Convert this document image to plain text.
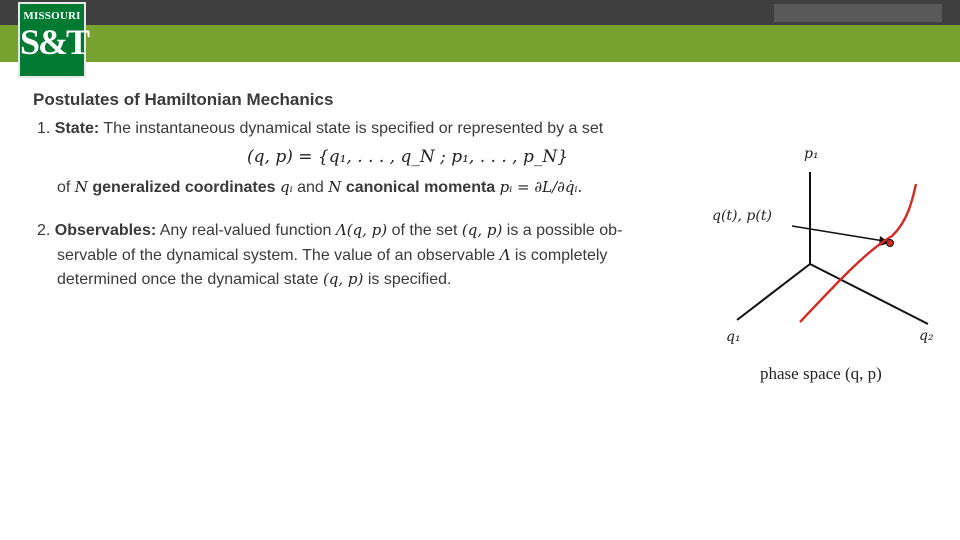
MISSOURI
S&T
Postulates of Hamiltonian Mechanics
1. State: The instantaneous dynamical state is specified or represented by a set
(q, p) = {q₁, . . . , q_N ; p₁, . . . , p_N}
of N generalized coordinates qᵢ and N canonical momenta pᵢ = ∂L/∂q̇ᵢ.
2. Observables: Any real-valued function Λ(q, p) of the set (q, p) is a possible ob-
servable of the dynamical system. The value of an observable Λ is completely
determined once the dynamical state (q, p) is specified.
p₁
q(t), p(t)
q₁	q₂
phase space (q, p)
